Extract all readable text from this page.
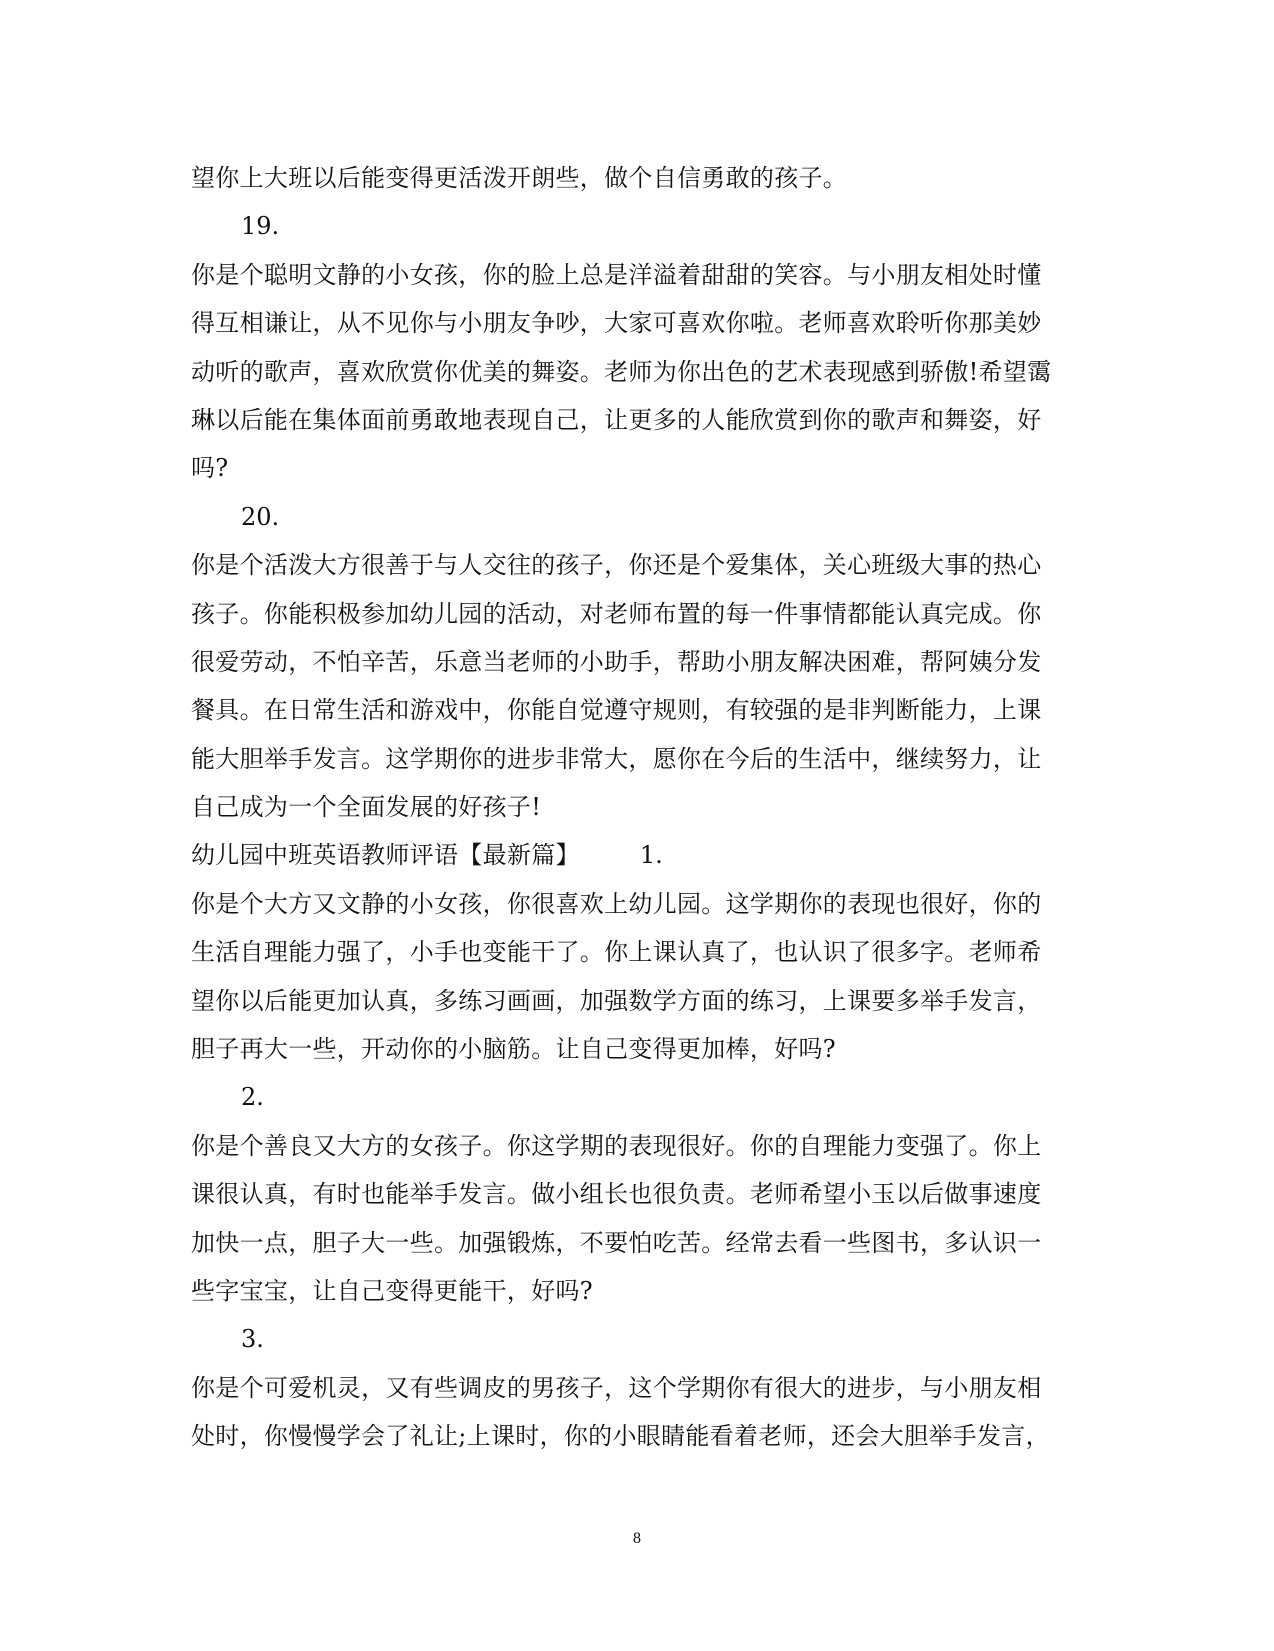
望你上大班以后能变得更活泼开朗些，做个自信勇敢的孩子。
19.
你是个聪明文静的小女孩，你的脸上总是洋溢着甜甜的笑容。与小朋友相处时懂
得互相谦让，从不见你与小朋友争吵，大家可喜欢你啦。老师喜欢聆听你那美妙
动听的歌声，喜欢欣赏你优美的舞姿。老师为你出色的艺术表现感到骄傲!希望霭
琳以后能在集体面前勇敢地表现自己，让更多的人能欣赏到你的歌声和舞姿，好
吗?
20.
你是个活泼大方很善于与人交往的孩子，你还是个爱集体，关心班级大事的热心
孩子。你能积极参加幼儿园的活动，对老师布置的每一件事情都能认真完成。你
很爱劳动，不怕辛苦，乐意当老师的小助手，帮助小朋友解决困难，帮阿姨分发
餐具。在日常生活和游戏中，你能自觉遵守规则，有较强的是非判断能力，上课
能大胆举手发言。这学期你的进步非常大，愿你在今后的生活中，继续努力，让
自己成为一个全面发展的好孩子!
幼儿园中班英语教师评语【最新篇】	1.
你是个大方又文静的小女孩，你很喜欢上幼儿园。这学期你的表现也很好，你的
生活自理能力强了，小手也变能干了。你上课认真了，也认识了很多字。老师希
望你以后能更加认真，多练习画画，加强数学方面的练习，上课要多举手发言，
胆子再大一些，开动你的小脑筋。让自己变得更加棒，好吗?
2.
你是个善良又大方的女孩子。你这学期的表现很好。你的自理能力变强了。你上
课很认真，有时也能举手发言。做小组长也很负责。老师希望小玉以后做事速度
加快一点，胆子大一些。加强锻炼，不要怕吃苦。经常去看一些图书，多认识一
些字宝宝，让自己变得更能干，好吗?
3.
你是个可爱机灵，又有些调皮的男孩子，这个学期你有很大的进步，与小朋友相
处时，你慢慢学会了礼让;上课时，你的小眼睛能看着老师，还会大胆举手发言，
8
